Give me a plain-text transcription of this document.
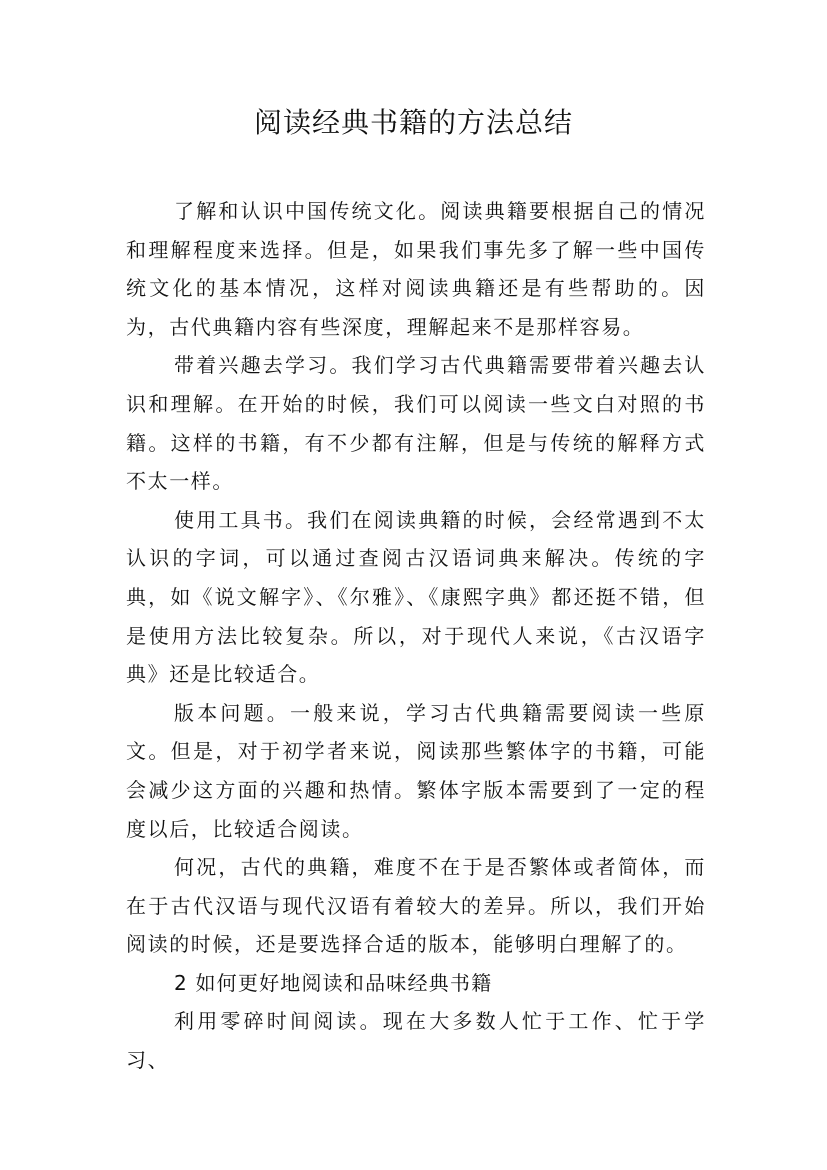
阅读经典书籍的方法总结

了解和认识中国传统文化。阅读典籍要根据自己的情况和理解程度来选择。但是，如果我们事先多了解一些中国传统文化的基本情况，这样对阅读典籍还是有些帮助的。因为，古代典籍内容有些深度，理解起来不是那样容易。

带着兴趣去学习。我们学习古代典籍需要带着兴趣去认识和理解。在开始的时候，我们可以阅读一些文白对照的书籍。这样的书籍，有不少都有注解，但是与传统的解释方式不太一样。

使用工具书。我们在阅读典籍的时候，会经常遇到不太认识的字词，可以通过查阅古汉语词典来解决。传统的字典，如《说文解字》、《尔雅》、《康熙字典》都还挺不错，但是使用方法比较复杂。所以，对于现代人来说，《古汉语字典》还是比较适合。

版本问题。一般来说，学习古代典籍需要阅读一些原文。但是，对于初学者来说，阅读那些繁体字的书籍，可能会减少这方面的兴趣和热情。繁体字版本需要到了一定的程度以后，比较适合阅读。

何况，古代的典籍，难度不在于是否繁体或者简体，而在于古代汉语与现代汉语有着较大的差异。所以，我们开始阅读的时候，还是要选择合适的版本，能够明白理解了的。

2 如何更好地阅读和品味经典书籍

利用零碎时间阅读。现在大多数人忙于工作、忙于学习、
